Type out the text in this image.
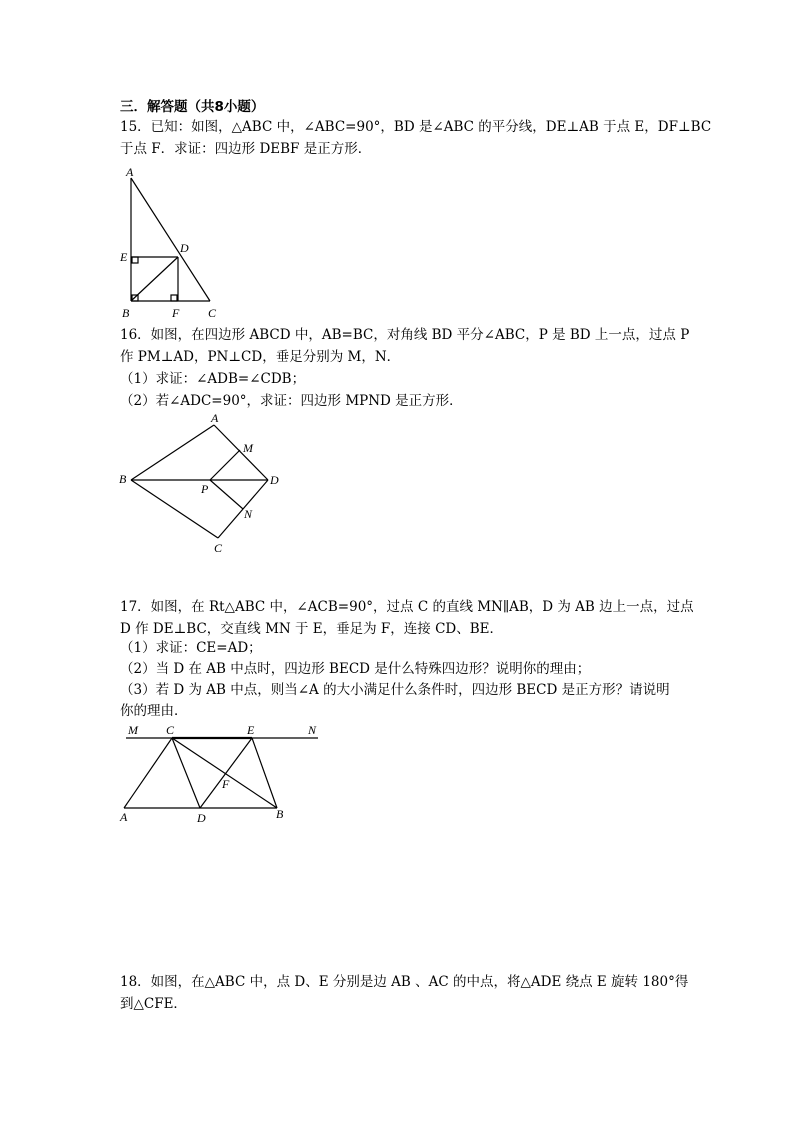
三．解答题（共8小题）
15．已知：如图，△ABC 中，∠ABC=90°，BD 是∠ABC 的平分线，DE⊥AB 于点 E，DF⊥BC
于点 F．求证：四边形 DEBF 是正方形．
A
E
D
B	F C
16．如图，在四边形 ABCD 中，AB=BC，对角线 BD 平分∠ABC，P 是 BD 上一点，过点 P
作 PM⊥AD，PN⊥CD，垂足分别为 M，N．
（1）求证：∠ADB=∠CDB；
（2）若∠ADC=90°，求证：四边形 MPND 是正方形．
A
M
B
P
D
N
C
17．如图，在 Rt△ABC 中，∠ACB=90°，过点 C 的直线 MN∥AB，D 为 AB 边上一点，过点
D 作 DE⊥BC，交直线 MN 于 E，垂足为 F，连接 CD、BE．
（1）求证：CE=AD；
（2）当 D 在 AB 中点时，四边形 BECD 是什么特殊四边形？说明你的理由；
（3）若 D 为 AB 中点，则当∠A 的大小满足什么条件时，四边形 BECD 是正方形？请说明
你的理由．
M C	E	N
F
A	D	B
18．如图，在△ABC 中，点 D、E 分别是边 AB 、AC 的中点，将△ADE 绕点 E 旋转 180°得
到△CFE．
